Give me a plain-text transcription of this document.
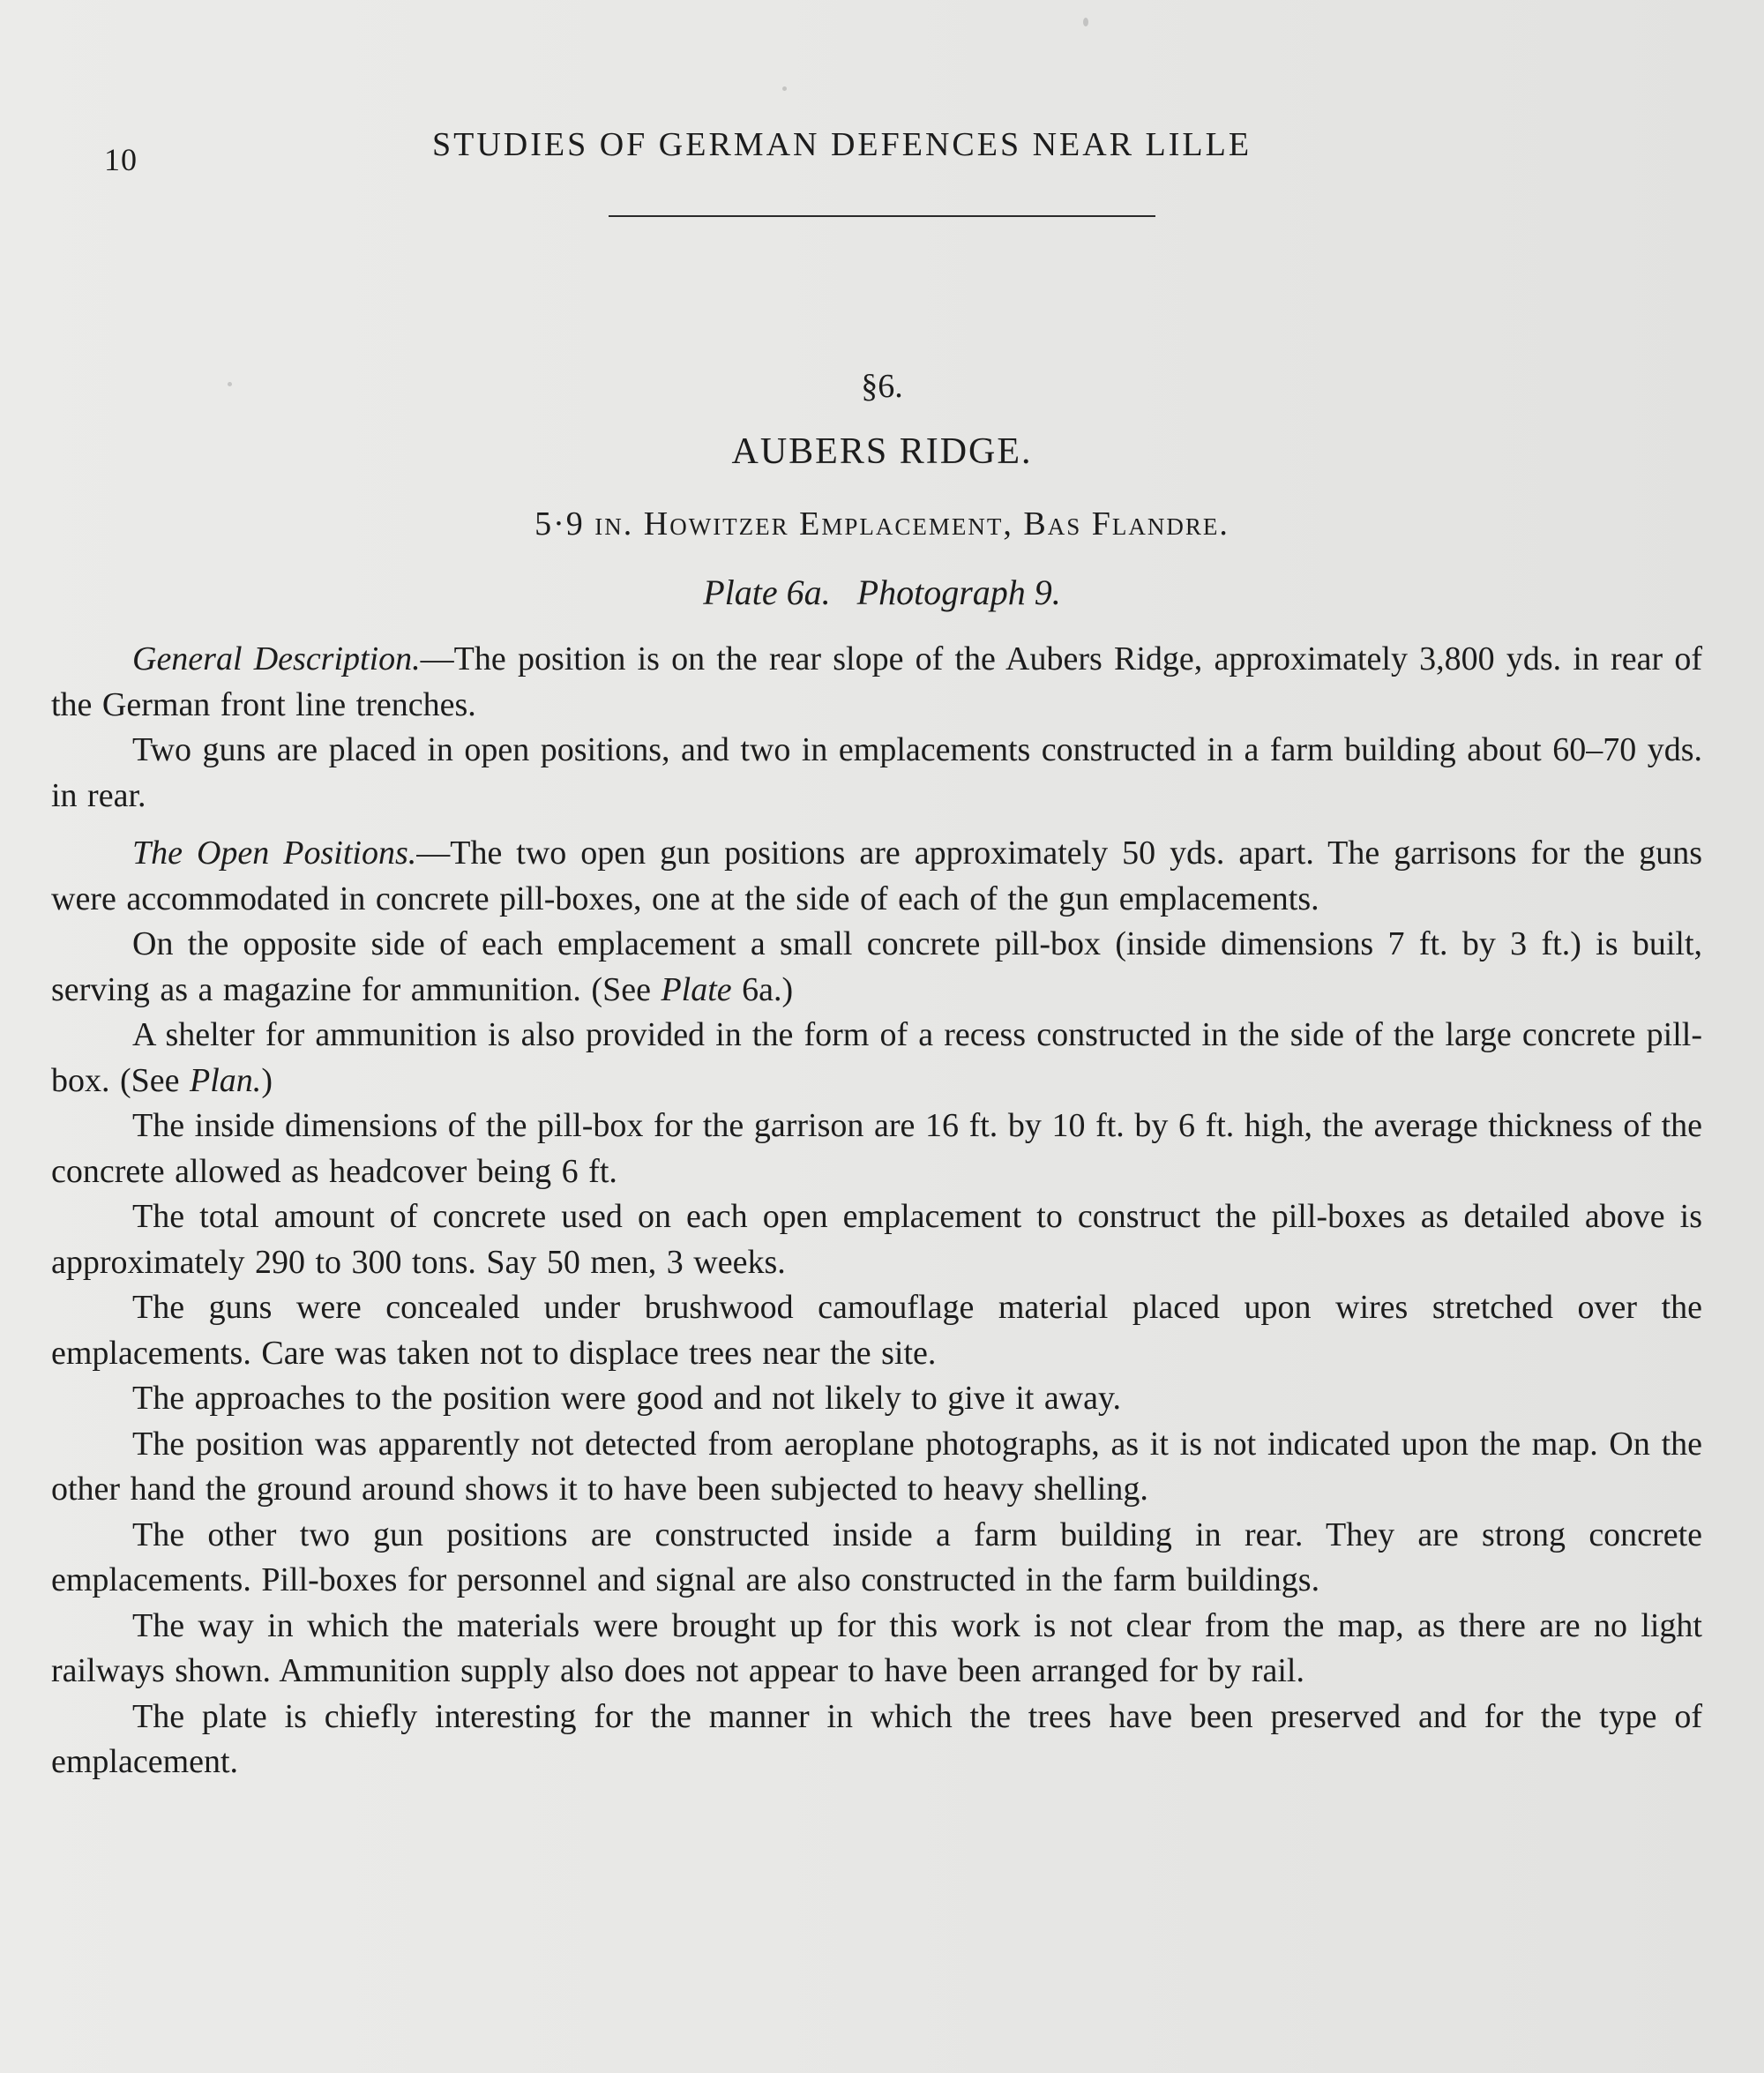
10	STUDIES OF GERMAN DEFENCES NEAR LILLE
§6.
AUBERS RIDGE.
5·9 in. Howitzer Emplacement, Bas Flandre.
Plate 6a. Photograph 9.

General Description.—The position is on the rear slope of the Aubers Ridge, approximately 3,800 yds. in rear of the German front line trenches.

Two guns are placed in open positions, and two in emplacements constructed in a farm building about 60–70 yds. in rear.

The Open Positions.—The two open gun positions are approximately 50 yds. apart. The garrisons for the guns were accommodated in concrete pill-boxes, one at the side of each of the gun emplacements.

On the opposite side of each emplacement a small concrete pill-box (inside dimensions 7 ft. by 3 ft.) is built, serving as a magazine for ammunition. (See Plate 6a.)

A shelter for ammunition is also provided in the form of a recess constructed in the side of the large concrete pill-box. (See Plan.)

The inside dimensions of the pill-box for the garrison are 16 ft. by 10 ft. by 6 ft. high, the average thickness of the concrete allowed as headcover being 6 ft.

The total amount of concrete used on each open emplacement to construct the pill-boxes as detailed above is approximately 290 to 300 tons. Say 50 men, 3 weeks.

The guns were concealed under brushwood camouflage material placed upon wires stretched over the emplacements. Care was taken not to displace trees near the site.

The approaches to the position were good and not likely to give it away.

The position was apparently not detected from aeroplane photographs, as it is not indicated upon the map. On the other hand the ground around shows it to have been subjected to heavy shelling.

The other two gun positions are constructed inside a farm building in rear. They are strong concrete emplacements. Pill-boxes for personnel and signal are also constructed in the farm buildings.

The way in which the materials were brought up for this work is not clear from the map, as there are no light railways shown. Ammunition supply also does not appear to have been arranged for by rail.

The plate is chiefly interesting for the manner in which the trees have been preserved and for the type of emplacement.
